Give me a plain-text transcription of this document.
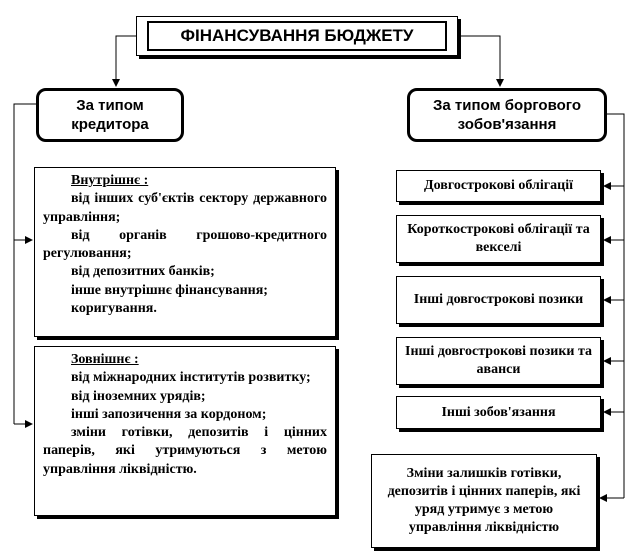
ФІНАНСУВАННЯ БЮДЖЕТУ
За типом кредитора
За типом боргового зобов'язання
Внутрішнє :
від інших суб'єктів сектору державного управління;
від органів грошово-кредитного регулювання;
від депозитних банків;
інше внутрішнє фінансування;
коригування.
Зовнішнє :
від міжнародних інститутів розвитку;
від іноземних урядів;
інші запозичення за кордоном;
зміни готівки, депозитів і цінних паперів, які утримуються з метою управління ліквідністю.
Довгострокові облігації
Короткострокові облігації та векселі
Інші довгострокові позики
Інші довгострокові позики та аванси
Інші зобов'язання
Зміни залишків готівки, депозитів і цінних паперів, які уряд утримує з метою управління ліквідністю
